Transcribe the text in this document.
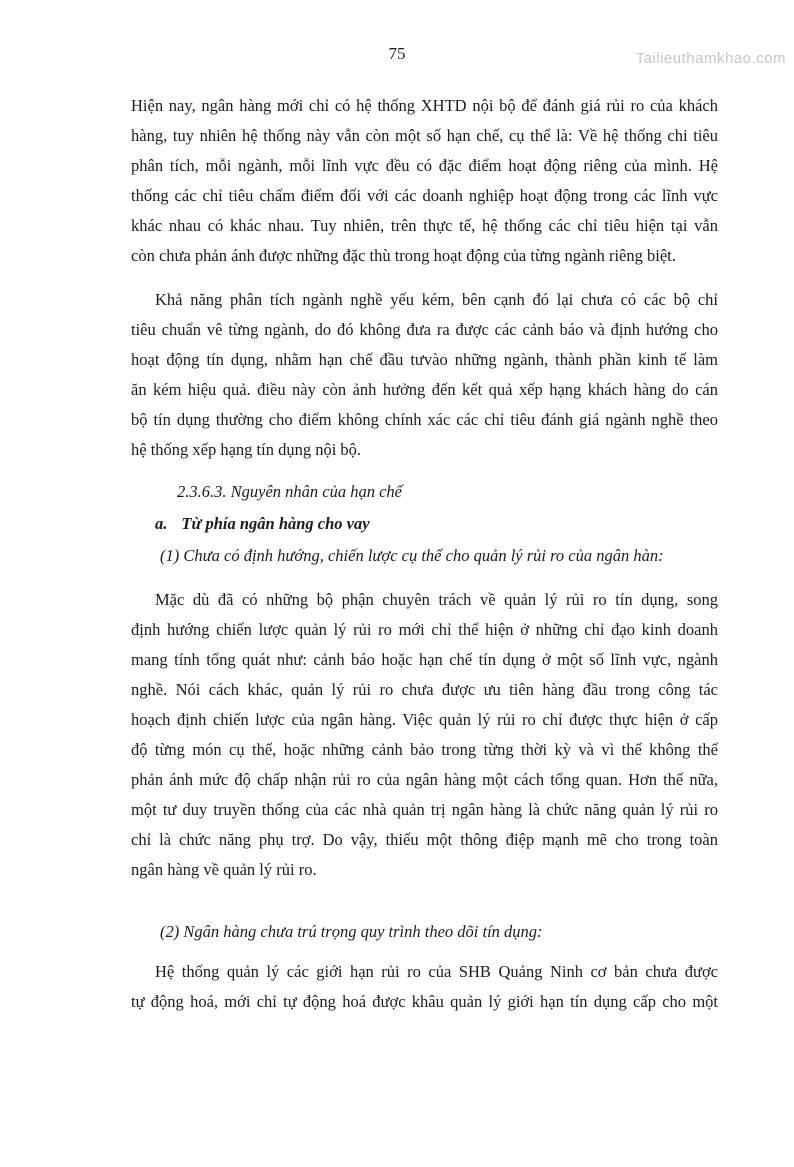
Tailieuthamkhao.com
75

Hiện nay, ngân hàng mới chỉ có hệ thống XHTD nội bộ để đánh giá rủi ro của khách
hàng, tuy nhiên hệ thống này vẫn còn một số hạn chế, cụ thể là: Về hệ thống chi tiêu
phân tích, mỗi ngành, mỗi lĩnh vực đều có đặc điểm hoạt động riêng của mình. Hệ
thống các chỉ tiêu chấm điểm đối với các doanh nghiệp hoạt động trong các lĩnh vực
khác nhau có khác nhau. Tuy nhiên, trên thực tế, hệ thống các chỉ tiêu hiện tại vẫn
còn chưa phản ánh được những đặc thù trong hoạt động của từng ngành riêng biệt.

Khả năng phân tích ngành nghề yếu kém, bên cạnh đó lại chưa có các bộ chỉ
tiêu chuẩn vê từng ngành, do đó không đưa ra được các cảnh báo và định hướng cho
hoạt động tín dụng, nhằm hạn chế đầu tưvào những ngành, thành phần kinh tế làm
ăn kém hiệu quả. điều này còn ảnh hưởng đến kết quả xếp hạng khách hàng do cán
bộ tín dụng thường cho điểm không chính xác các chỉ tiêu đánh giá ngành nghề theo
hệ thống xếp hạng tín dụng nội bộ.

2.3.6.3. Nguyên nhân của hạn chế
a. Từ phía ngân hàng cho vay
(1) Chưa có định hướng, chiến lược cụ thể cho quản lý rủi ro của ngân hàn:

Mặc dù đã có những bộ phận chuyên trách về quản lý rủi ro tín dụng, song
định hướng chiến lược quản lý rủi ro mới chỉ thể hiện ở những chỉ đạo kinh doanh
mang tính tổng quát như: cảnh báo hoặc hạn chế tín dụng ở một số lĩnh vực, ngành
nghề. Nói cách khác, quản lý rủi ro chưa được ưu tiên hàng đầu trong công tác
hoạch định chiến lược của ngân hàng. Việc quản lý rủi ro chỉ được thực hiện ở cấp
độ từng món cụ thể, hoặc những cảnh bảo trong từng thời kỳ và vì thế không thể
phản ánh mức độ chấp nhận rủi ro của ngân hàng một cách tổng quan. Hơn thế nữa,
một tư duy truyền thống của các nhà quản trị ngân hàng là chức năng quản lý rủi ro
chỉ là chức năng phụ trợ. Do vậy, thiếu một thông điệp mạnh mẽ cho trong toàn
ngân hàng về quản lý rủi ro.

(2) Ngân hàng chưa trú trọng quy trình theo dõi tín dụng:

Hệ thống quản lý các giới hạn rủi ro của SHB Quảng Ninh cơ bản chưa được
tự động hoá, mới chỉ tự động hoá được khâu quản lý giới hạn tín dụng cấp cho một
